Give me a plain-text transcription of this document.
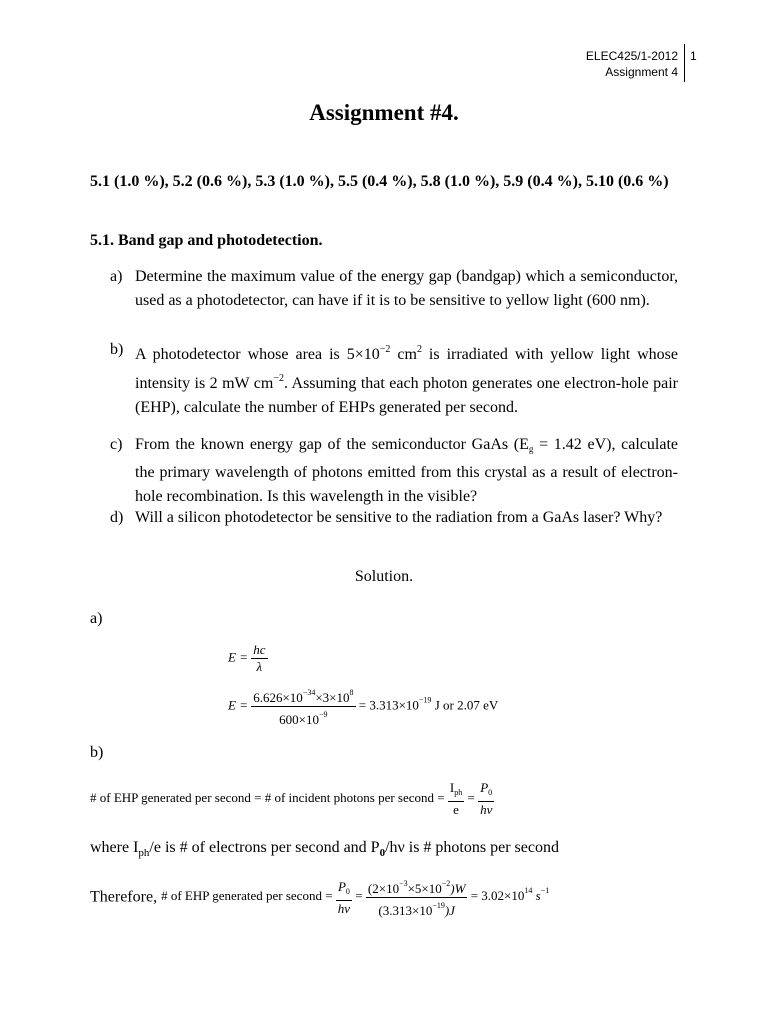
ELEC425/1-2012
Assignment 4
1
Assignment #4.
5.1 (1.0 %), 5.2 (0.6 %), 5.3 (1.0 %), 5.5 (0.4 %), 5.8 (1.0 %), 5.9 (0.4 %), 5.10 (0.6 %)
5.1. Band gap and photodetection.
a) Determine the maximum value of the energy gap (bandgap) which a semiconductor, used as a photodetector, can have if it is to be sensitive to yellow light (600 nm).
b) A photodetector whose area is $5\times 10^{-2}$ $cm^2$ is irradiated with yellow light whose intensity is 2 mW $cm^{-2}$. Assuming that each photon generates one electron-hole pair (EHP), calculate the number of EHPs generated per second.
c) From the known energy gap of the semiconductor GaAs ($E_g = 1.42$ eV), calculate the primary wavelength of photons emitted from this crystal as a result of electron-hole recombination. Is this wavelength in the visible?
d) Will a silicon photodetector be sensitive to the radiation from a GaAs laser? Why?
Solution.
a)
$E = \frac{hc}{\lambda}$
$E = \frac{6.626\times 10^{-34}\times 3\times 10^8}{600\times 10^{-9}} = 3.313\times 10^{-19}$ J or 2.07 eV
b)
# of EHP generated per second = # of incident photons per second = $\frac{I_{ph}}{e} = \frac{P_0}{h\nu}$
where $I_{ph}/e$ is # of electrons per second and $P_0/h\nu$ is # photons per second
Therefore, # of EHP generated per second = $\frac{P_0}{h\nu} = \frac{(2\times 10^{-3}\times 5\times 10^{-2})W}{(3.313\times 10^{-19})J} = 3.02\times 10^{14}$ $s^{-1}$
